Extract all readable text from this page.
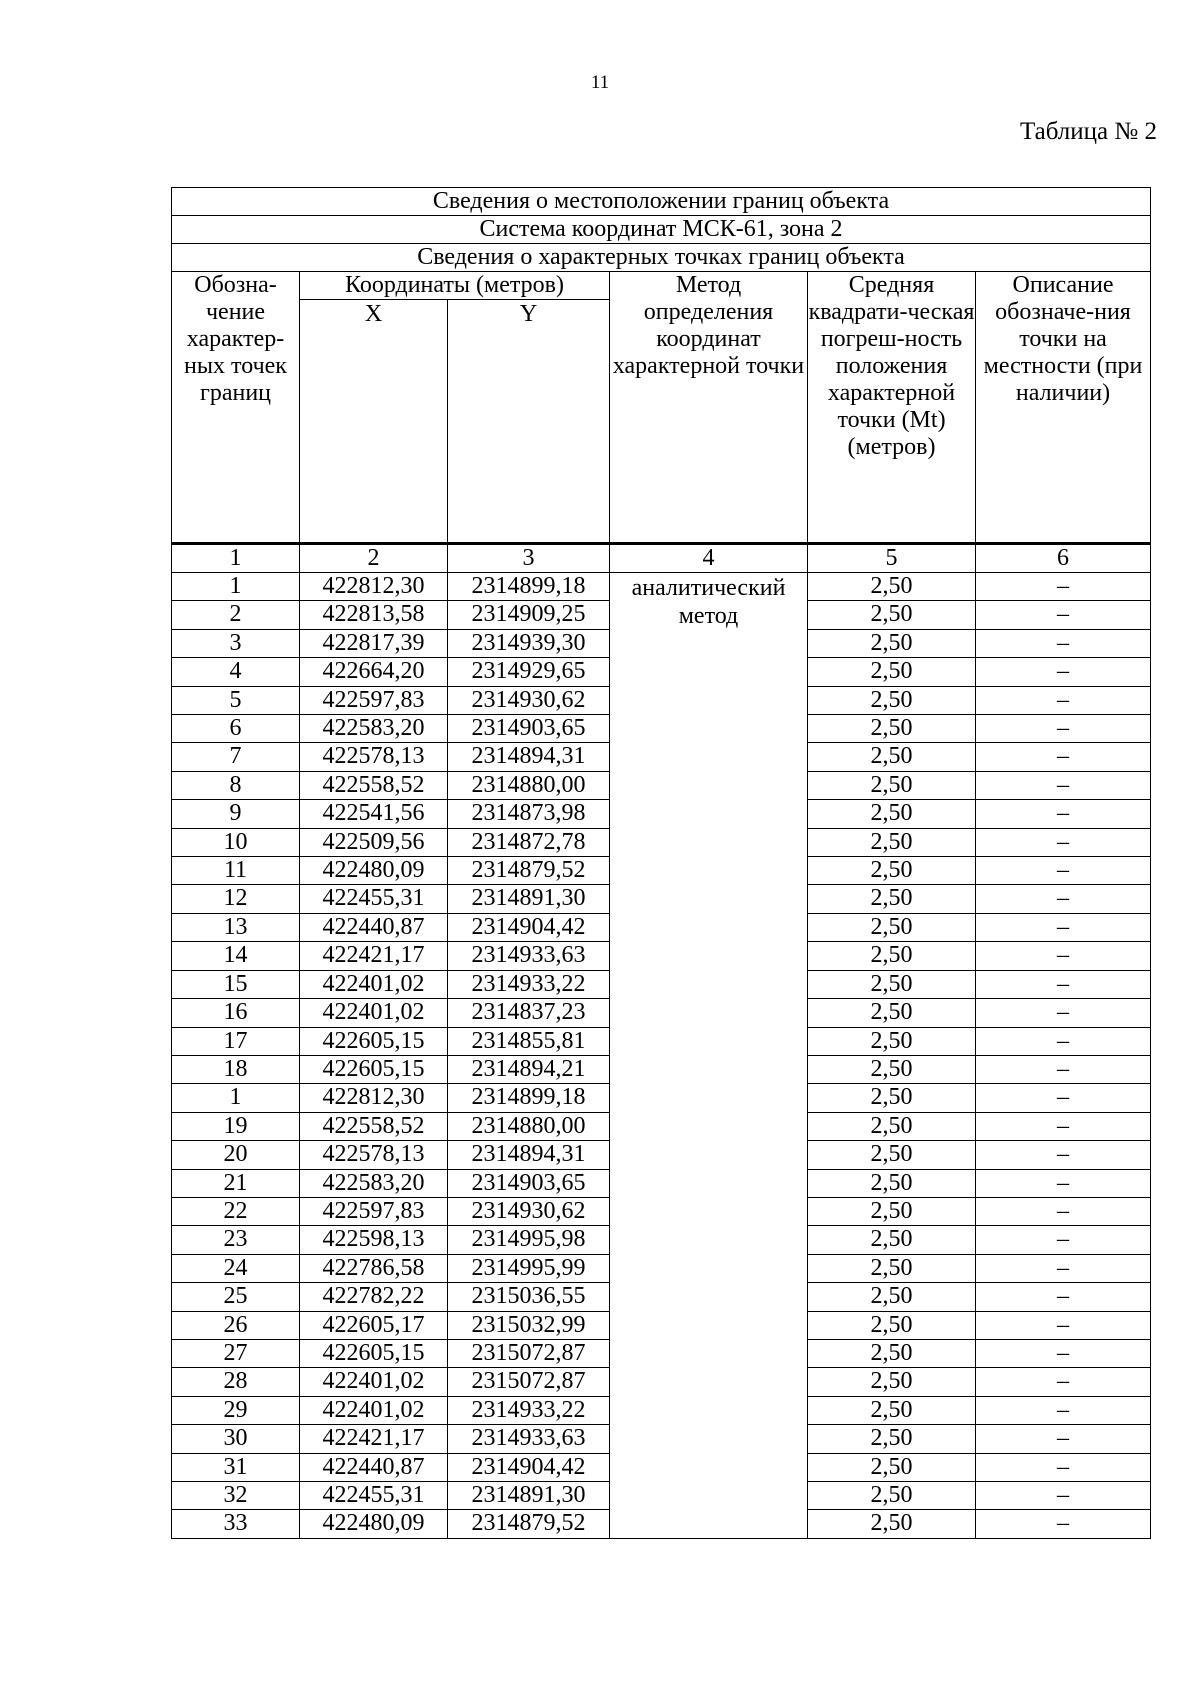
11
Таблица № 2
Сведения о местоположении границ объекта					
Система координат МСК-61, зона 2					
Сведения о характерных точках границ объекта					
Обозна-чение характер-ных точек границ	Координаты (метров)		Метод определения координат характерной точки	Средняя квадрати-ческая погреш-ность положения характерной точки (Mt) (метров)	Описание обозначе-ния точки на местности (при наличии)
	X	Y			
1	2	3	4	5	6
1	422812,30	2314899,18	аналитический метод	2,50	–
2	422813,58	2314909,25		2,50	–
3	422817,39	2314939,30		2,50	–
4	422664,20	2314929,65		2,50	–
5	422597,83	2314930,62		2,50	–
6	422583,20	2314903,65		2,50	–
7	422578,13	2314894,31		2,50	–
8	422558,52	2314880,00		2,50	–
9	422541,56	2314873,98		2,50	–
10	422509,56	2314872,78		2,50	–
11	422480,09	2314879,52		2,50	–
12	422455,31	2314891,30		2,50	–
13	422440,87	2314904,42		2,50	–
14	422421,17	2314933,63		2,50	–
15	422401,02	2314933,22		2,50	–
16	422401,02	2314837,23		2,50	–
17	422605,15	2314855,81		2,50	–
18	422605,15	2314894,21		2,50	–
1	422812,30	2314899,18		2,50	–
19	422558,52	2314880,00		2,50	–
20	422578,13	2314894,31		2,50	–
21	422583,20	2314903,65		2,50	–
22	422597,83	2314930,62		2,50	–
23	422598,13	2314995,98		2,50	–
24	422786,58	2314995,99		2,50	–
25	422782,22	2315036,55		2,50	–
26	422605,17	2315032,99		2,50	–
27	422605,15	2315072,87		2,50	–
28	422401,02	2315072,87		2,50	–
29	422401,02	2314933,22		2,50	–
30	422421,17	2314933,63		2,50	–
31	422440,87	2314904,42		2,50	–
32	422455,31	2314891,30		2,50	–
33	422480,09	2314879,52		2,50	–
